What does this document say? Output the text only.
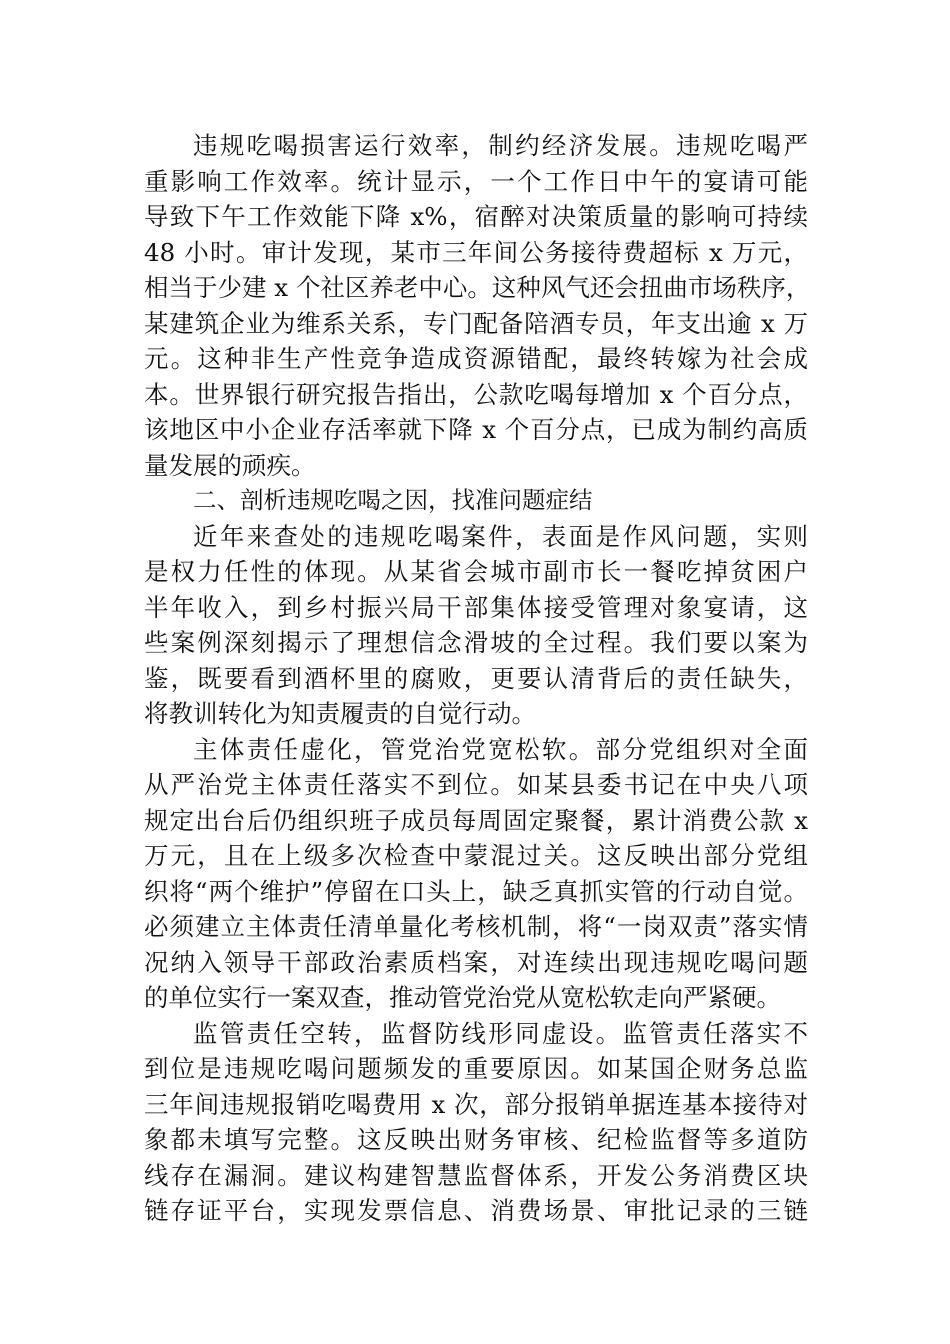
违规吃喝损害运行效率，制约经济发展。违规吃喝严
重影响工作效率。统计显示，一个工作日中午的宴请可能
导致下午工作效能下降 x%，宿醉对决策质量的影响可持续
48 小时。审计发现，某市三年间公务接待费超标 x 万元，
相当于少建 x 个社区养老中心。这种风气还会扭曲市场秩序，
某建筑企业为维系关系，专门配备陪酒专员，年支出逾 x 万
元。这种非生产性竞争造成资源错配，最终转嫁为社会成
本。世界银行研究报告指出，公款吃喝每增加 x 个百分点，
该地区中小企业存活率就下降 x 个百分点，已成为制约高质
量发展的顽疾。
二、剖析违规吃喝之因，找准问题症结
近年来查处的违规吃喝案件，表面是作风问题，实则
是权力任性的体现。从某省会城市副市长一餐吃掉贫困户
半年收入，到乡村振兴局干部集体接受管理对象宴请，这
些案例深刻揭示了理想信念滑坡的全过程。我们要以案为
鉴，既要看到酒杯里的腐败，更要认清背后的责任缺失，
将教训转化为知责履责的自觉行动。
主体责任虚化，管党治党宽松软。部分党组织对全面
从严治党主体责任落实不到位。如某县委书记在中央八项
规定出台后仍组织班子成员每周固定聚餐，累计消费公款 x
万元，且在上级多次检查中蒙混过关。这反映出部分党组
织将“两个维护”停留在口头上，缺乏真抓实管的行动自觉。
必须建立主体责任清单量化考核机制，将“一岗双责”落实情
况纳入领导干部政治素质档案，对连续出现违规吃喝问题
的单位实行一案双查，推动管党治党从宽松软走向严紧硬。
监管责任空转，监督防线形同虚设。监管责任落实不
到位是违规吃喝问题频发的重要原因。如某国企财务总监
三年间违规报销吃喝费用 x 次，部分报销单据连基本接待对
象都未填写完整。这反映出财务审核、纪检监督等多道防
线存在漏洞。建议构建智慧监督体系，开发公务消费区块
链存证平台，实现发票信息、消费场景、审批记录的三链
